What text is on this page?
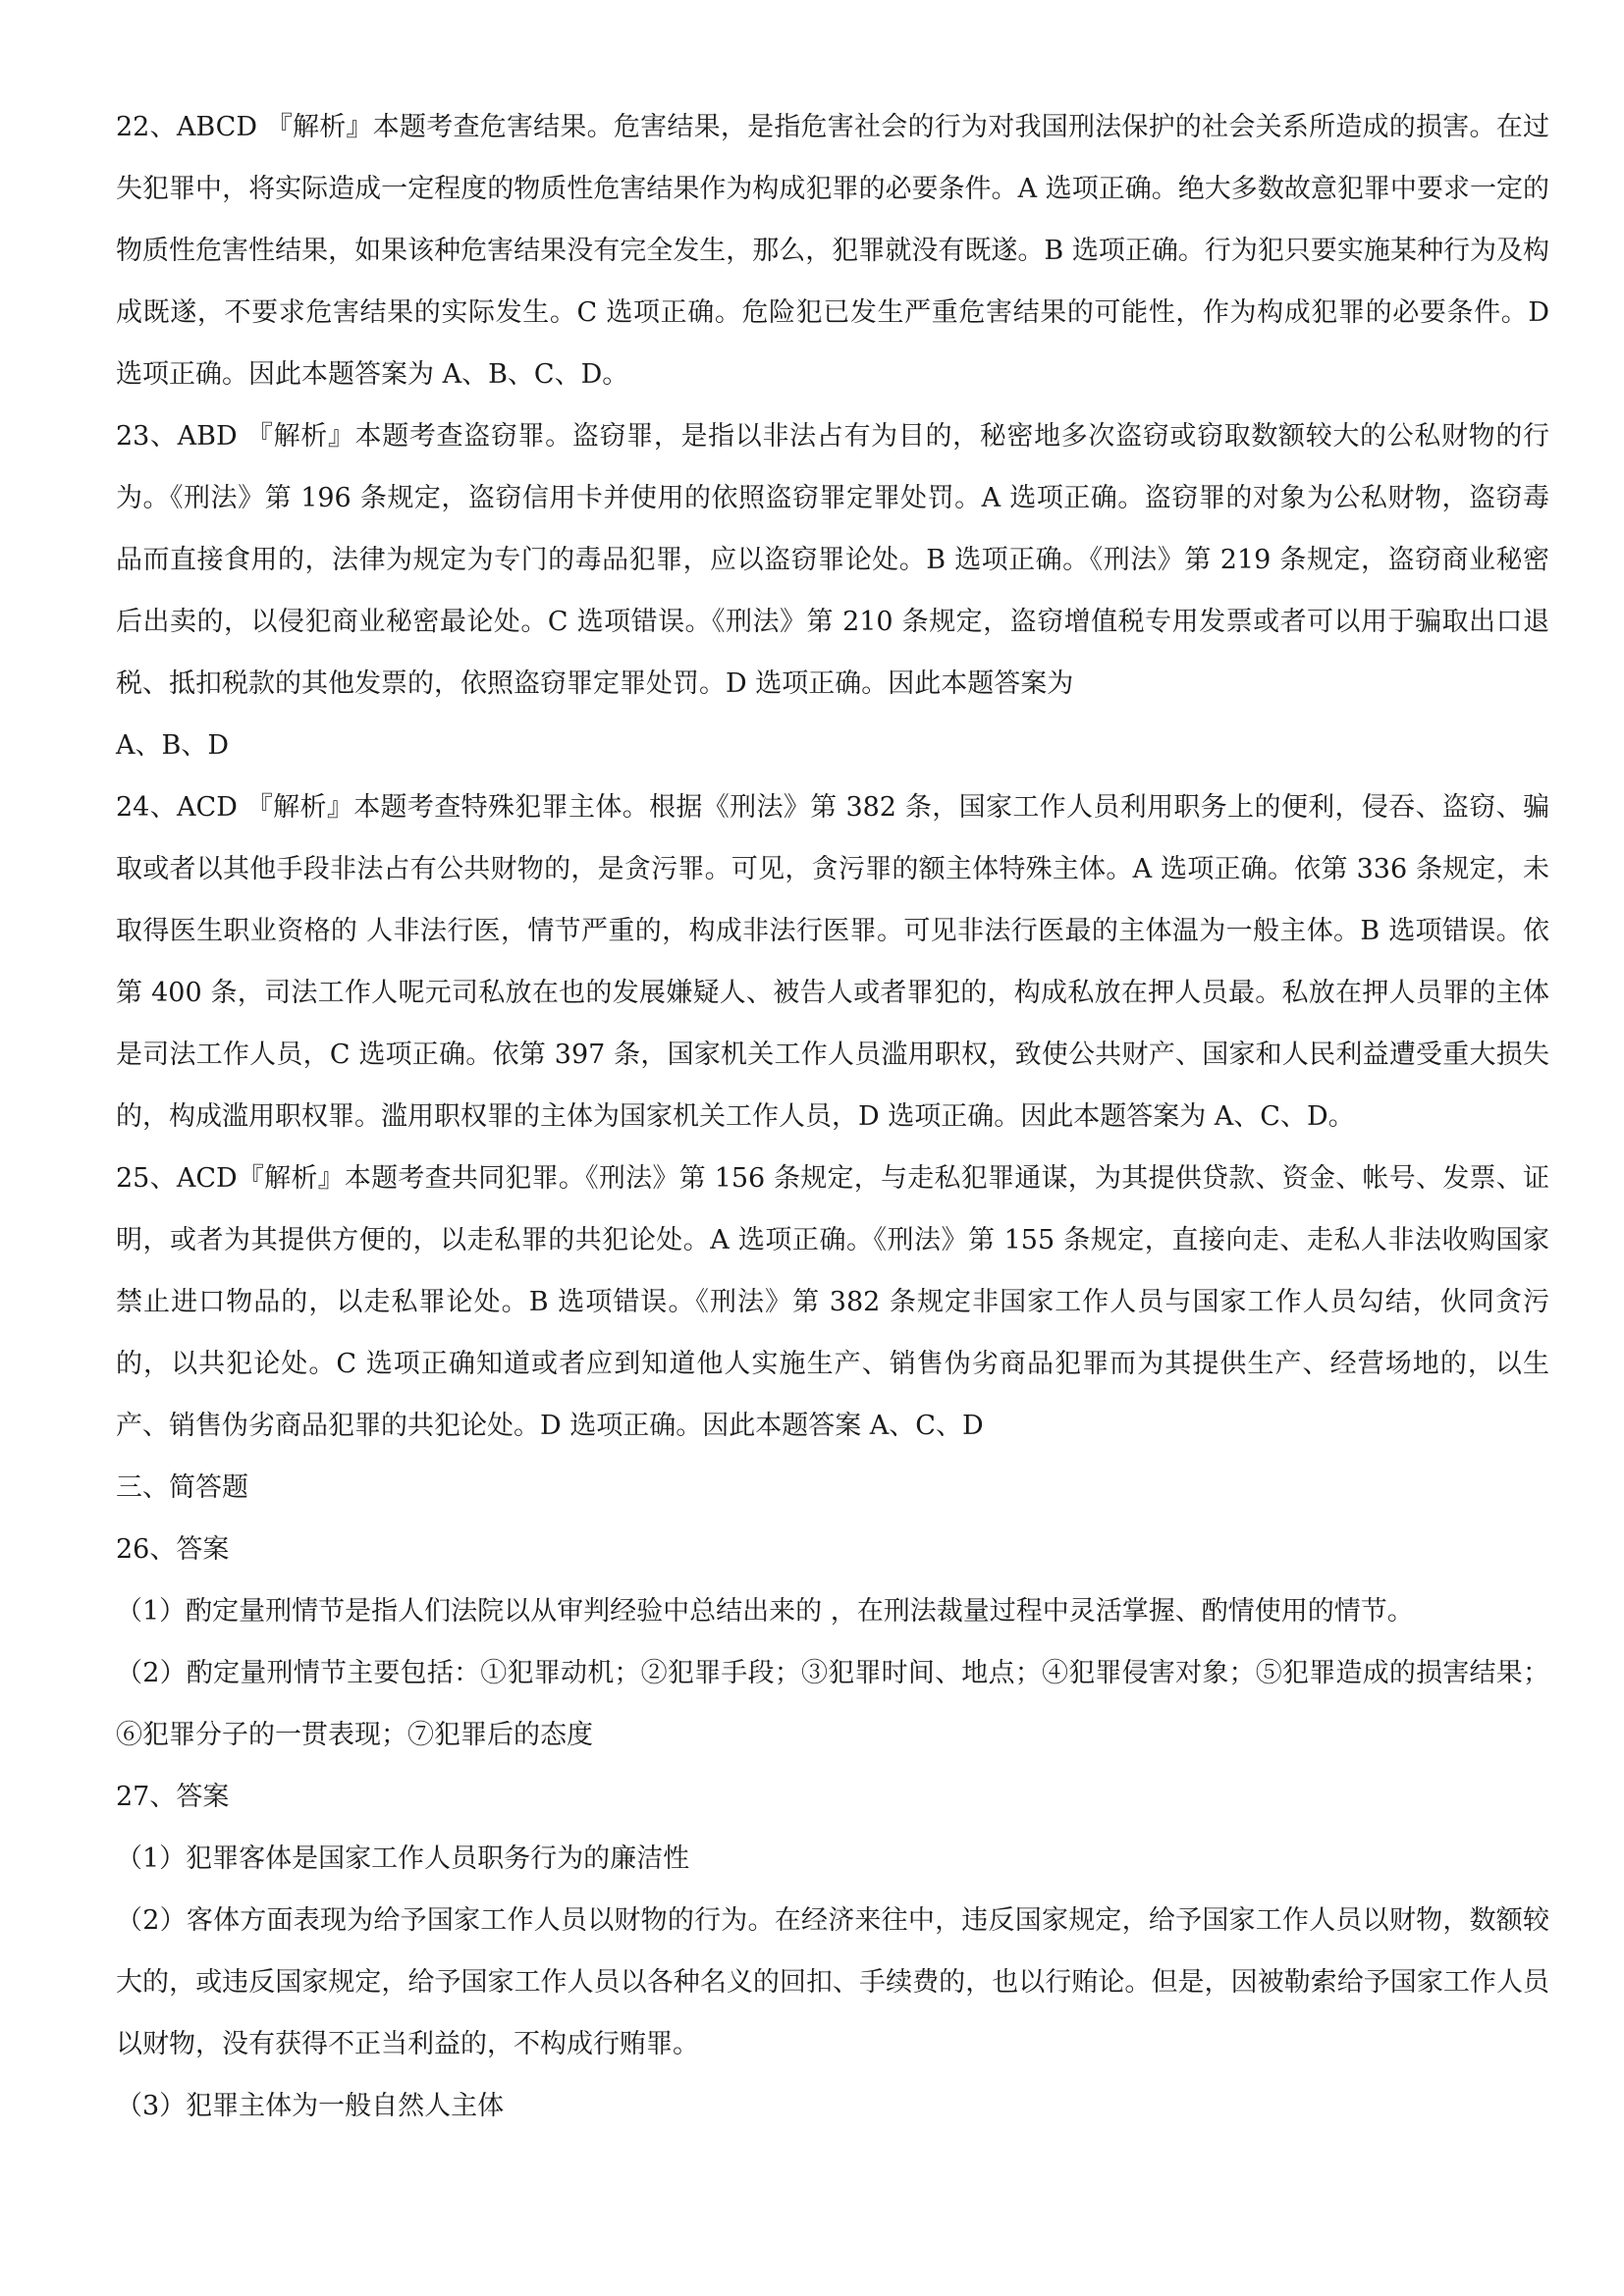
22、ABCD 『解析』本题考查危害结果。危害结果，是指危害社会的行为对我国刑法保护的社会关系所造成的损害。在过失犯罪中，将实际造成一定程度的物质性危害结果作为构成犯罪的必要条件。A 选项正确。绝大多数故意犯罪中要求一定的物质性危害性结果，如果该种危害结果没有完全发生，那么，犯罪就没有既遂。B 选项正确。行为犯只要实施某种行为及构成既遂，不要求危害结果的实际发生。C 选项正确。危险犯已发生严重危害结果的可能性，作为构成犯罪的必要条件。D 选项正确。因此本题答案为 A、B、C、D。

23、ABD 『解析』本题考查盗窃罪。盗窃罪，是指以非法占有为目的，秘密地多次盗窃或窃取数额较大的公私财物的行为。《刑法》第 196 条规定，盗窃信用卡并使用的依照盗窃罪定罪处罚。A 选项正确。盗窃罪的对象为公私财物，盗窃毒品而直接食用的，法律为规定为专门的毒品犯罪，应以盗窃罪论处。B 选项正确。《刑法》第 219 条规定，盗窃商业秘密后出卖的，以侵犯商业秘密最论处。C 选项错误。《刑法》第 210 条规定，盗窃增值税专用发票或者可以用于骗取出口退税、抵扣税款的其他发票的，依照盗窃罪定罪处罚。D 选项正确。因此本题答案为

A、B、D

24、ACD 『解析』本题考查特殊犯罪主体。根据《刑法》第 382 条，国家工作人员利用职务上的便利，侵吞、盗窃、骗取或者以其他手段非法占有公共财物的，是贪污罪。可见，贪污罪的额主体特殊主体。A 选项正确。依第 336 条规定，未取得医生职业资格的 人非法行医，情节严重的，构成非法行医罪。可见非法行医最的主体温为一般主体。B 选项错误。依第 400 条，司法工作人呢元司私放在也的发展嫌疑人、被告人或者罪犯的，构成私放在押人员最。私放在押人员罪的主体是司法工作人员，C 选项正确。依第 397 条，国家机关工作人员滥用职权，致使公共财产、国家和人民利益遭受重大损失的，构成滥用职权罪。滥用职权罪的主体为国家机关工作人员，D 选项正确。因此本题答案为 A、C、D。

25、ACD『解析』本题考查共同犯罪。《刑法》第 156 条规定，与走私犯罪通谋，为其提供贷款、资金、帐号、发票、证明，或者为其提供方便的，以走私罪的共犯论处。A 选项正确。《刑法》第 155 条规定，直接向走、走私人非法收购国家禁止进口物品的，以走私罪论处。B 选项错误。《刑法》第 382 条规定非国家工作人员与国家工作人员勾结，伙同贪污的，以共犯论处。C 选项正确知道或者应到知道他人实施生产、销售伪劣商品犯罪而为其提供生产、经营场地的，以生产、销售伪劣商品犯罪的共犯论处。D 选项正确。因此本题答案 A、C、D

三、简答题

26、答案

（1）酌定量刑情节是指人们法院以从审判经验中总结出来的 ，在刑法裁量过程中灵活掌握、酌情使用的情节。

（2）酌定量刑情节主要包括：①犯罪动机；②犯罪手段；③犯罪时间、地点；④犯罪侵害对象；⑤犯罪造成的损害结果；⑥犯罪分子的一贯表现；⑦犯罪后的态度

27、答案

（1）犯罪客体是国家工作人员职务行为的廉洁性

（2）客体方面表现为给予国家工作人员以财物的行为。在经济来往中，违反国家规定，给予国家工作人员以财物，数额较大的，或违反国家规定，给予国家工作人员以各种名义的回扣、手续费的，也以行贿论。但是，因被勒索给予国家工作人员以财物，没有获得不正当利益的，不构成行贿罪。

（3）犯罪主体为一般自然人主体
